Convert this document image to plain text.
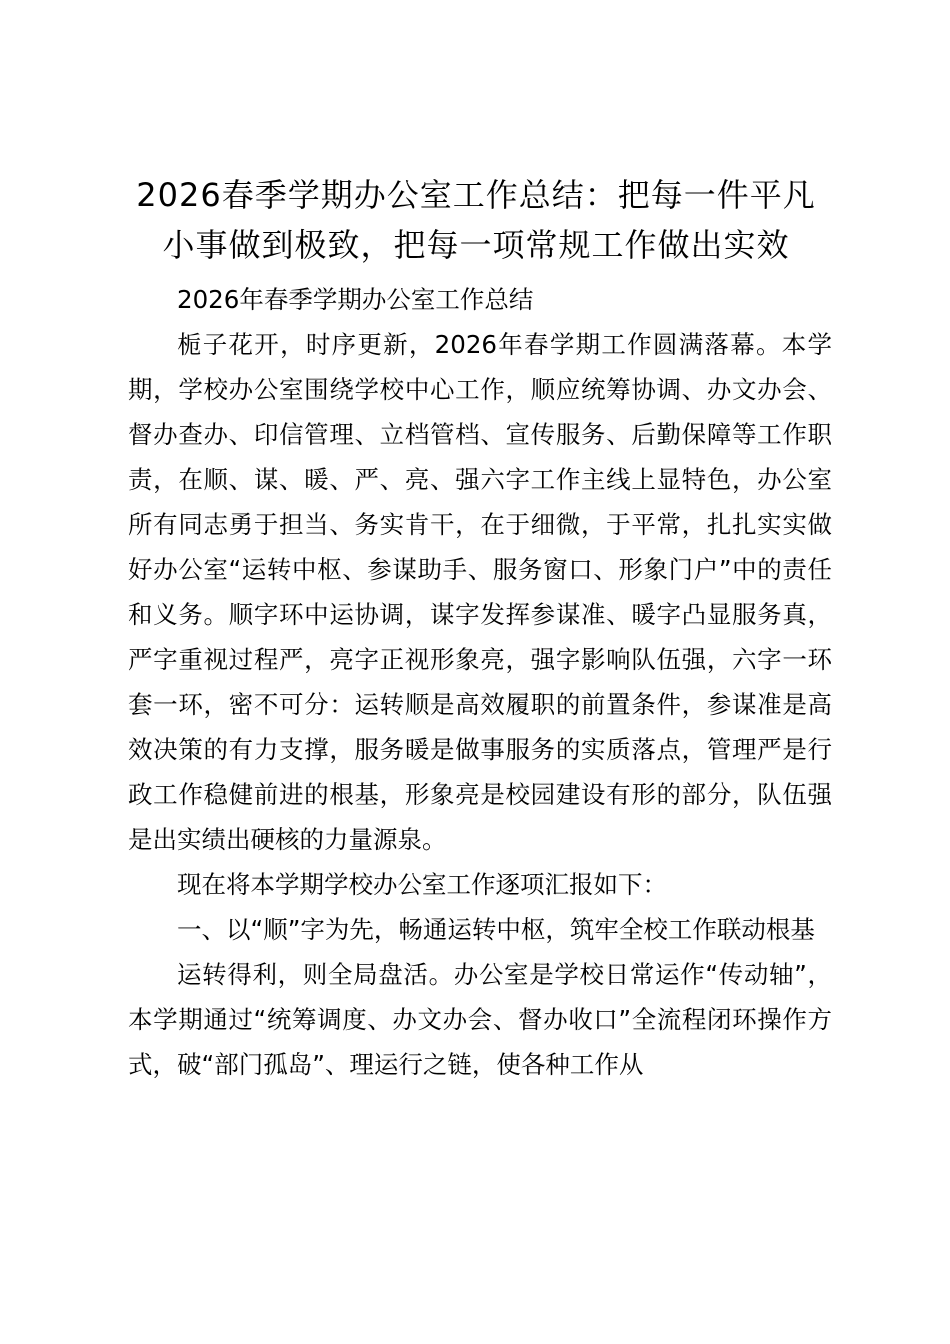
2026春季学期办公室工作总结：把每一件平凡小事做到极致，把每一项常规工作做出实效

2026年春季学期办公室工作总结

栀子花开，时序更新，2026年春学期工作圆满落幕。本学期，学校办公室围绕学校中心工作，顺应统筹协调、办文办会、督办查办、印信管理、立档管档、宣传服务、后勤保障等工作职责，在顺、谋、暖、严、亮、强六字工作主线上显特色，办公室所有同志勇于担当、务实肯干，在于细微，于平常，扎扎实实做好办公室“运转中枢、参谋助手、服务窗口、形象门户”中的责任和义务。顺字环中运协调，谋字发挥参谋准、暖字凸显服务真，严字重视过程严，亮字正视形象亮，强字影响队伍强，六字一环套一环，密不可分：运转顺是高效履职的前置条件，参谋准是高效决策的有力支撑，服务暖是做事服务的实质落点，管理严是行政工作稳健前进的根基，形象亮是校园建设有形的部分，队伍强是出实绩出硬核的力量源泉。

现在将本学期学校办公室工作逐项汇报如下：

一、以“顺”字为先，畅通运转中枢，筑牢全校工作联动根基

运转得利，则全局盘活。办公室是学校日常运作“传动轴”，本学期通过“统筹调度、办文办会、督办收口”全流程闭环操作方式，破“部门孤岛”、理运行之链，使各种工作从
